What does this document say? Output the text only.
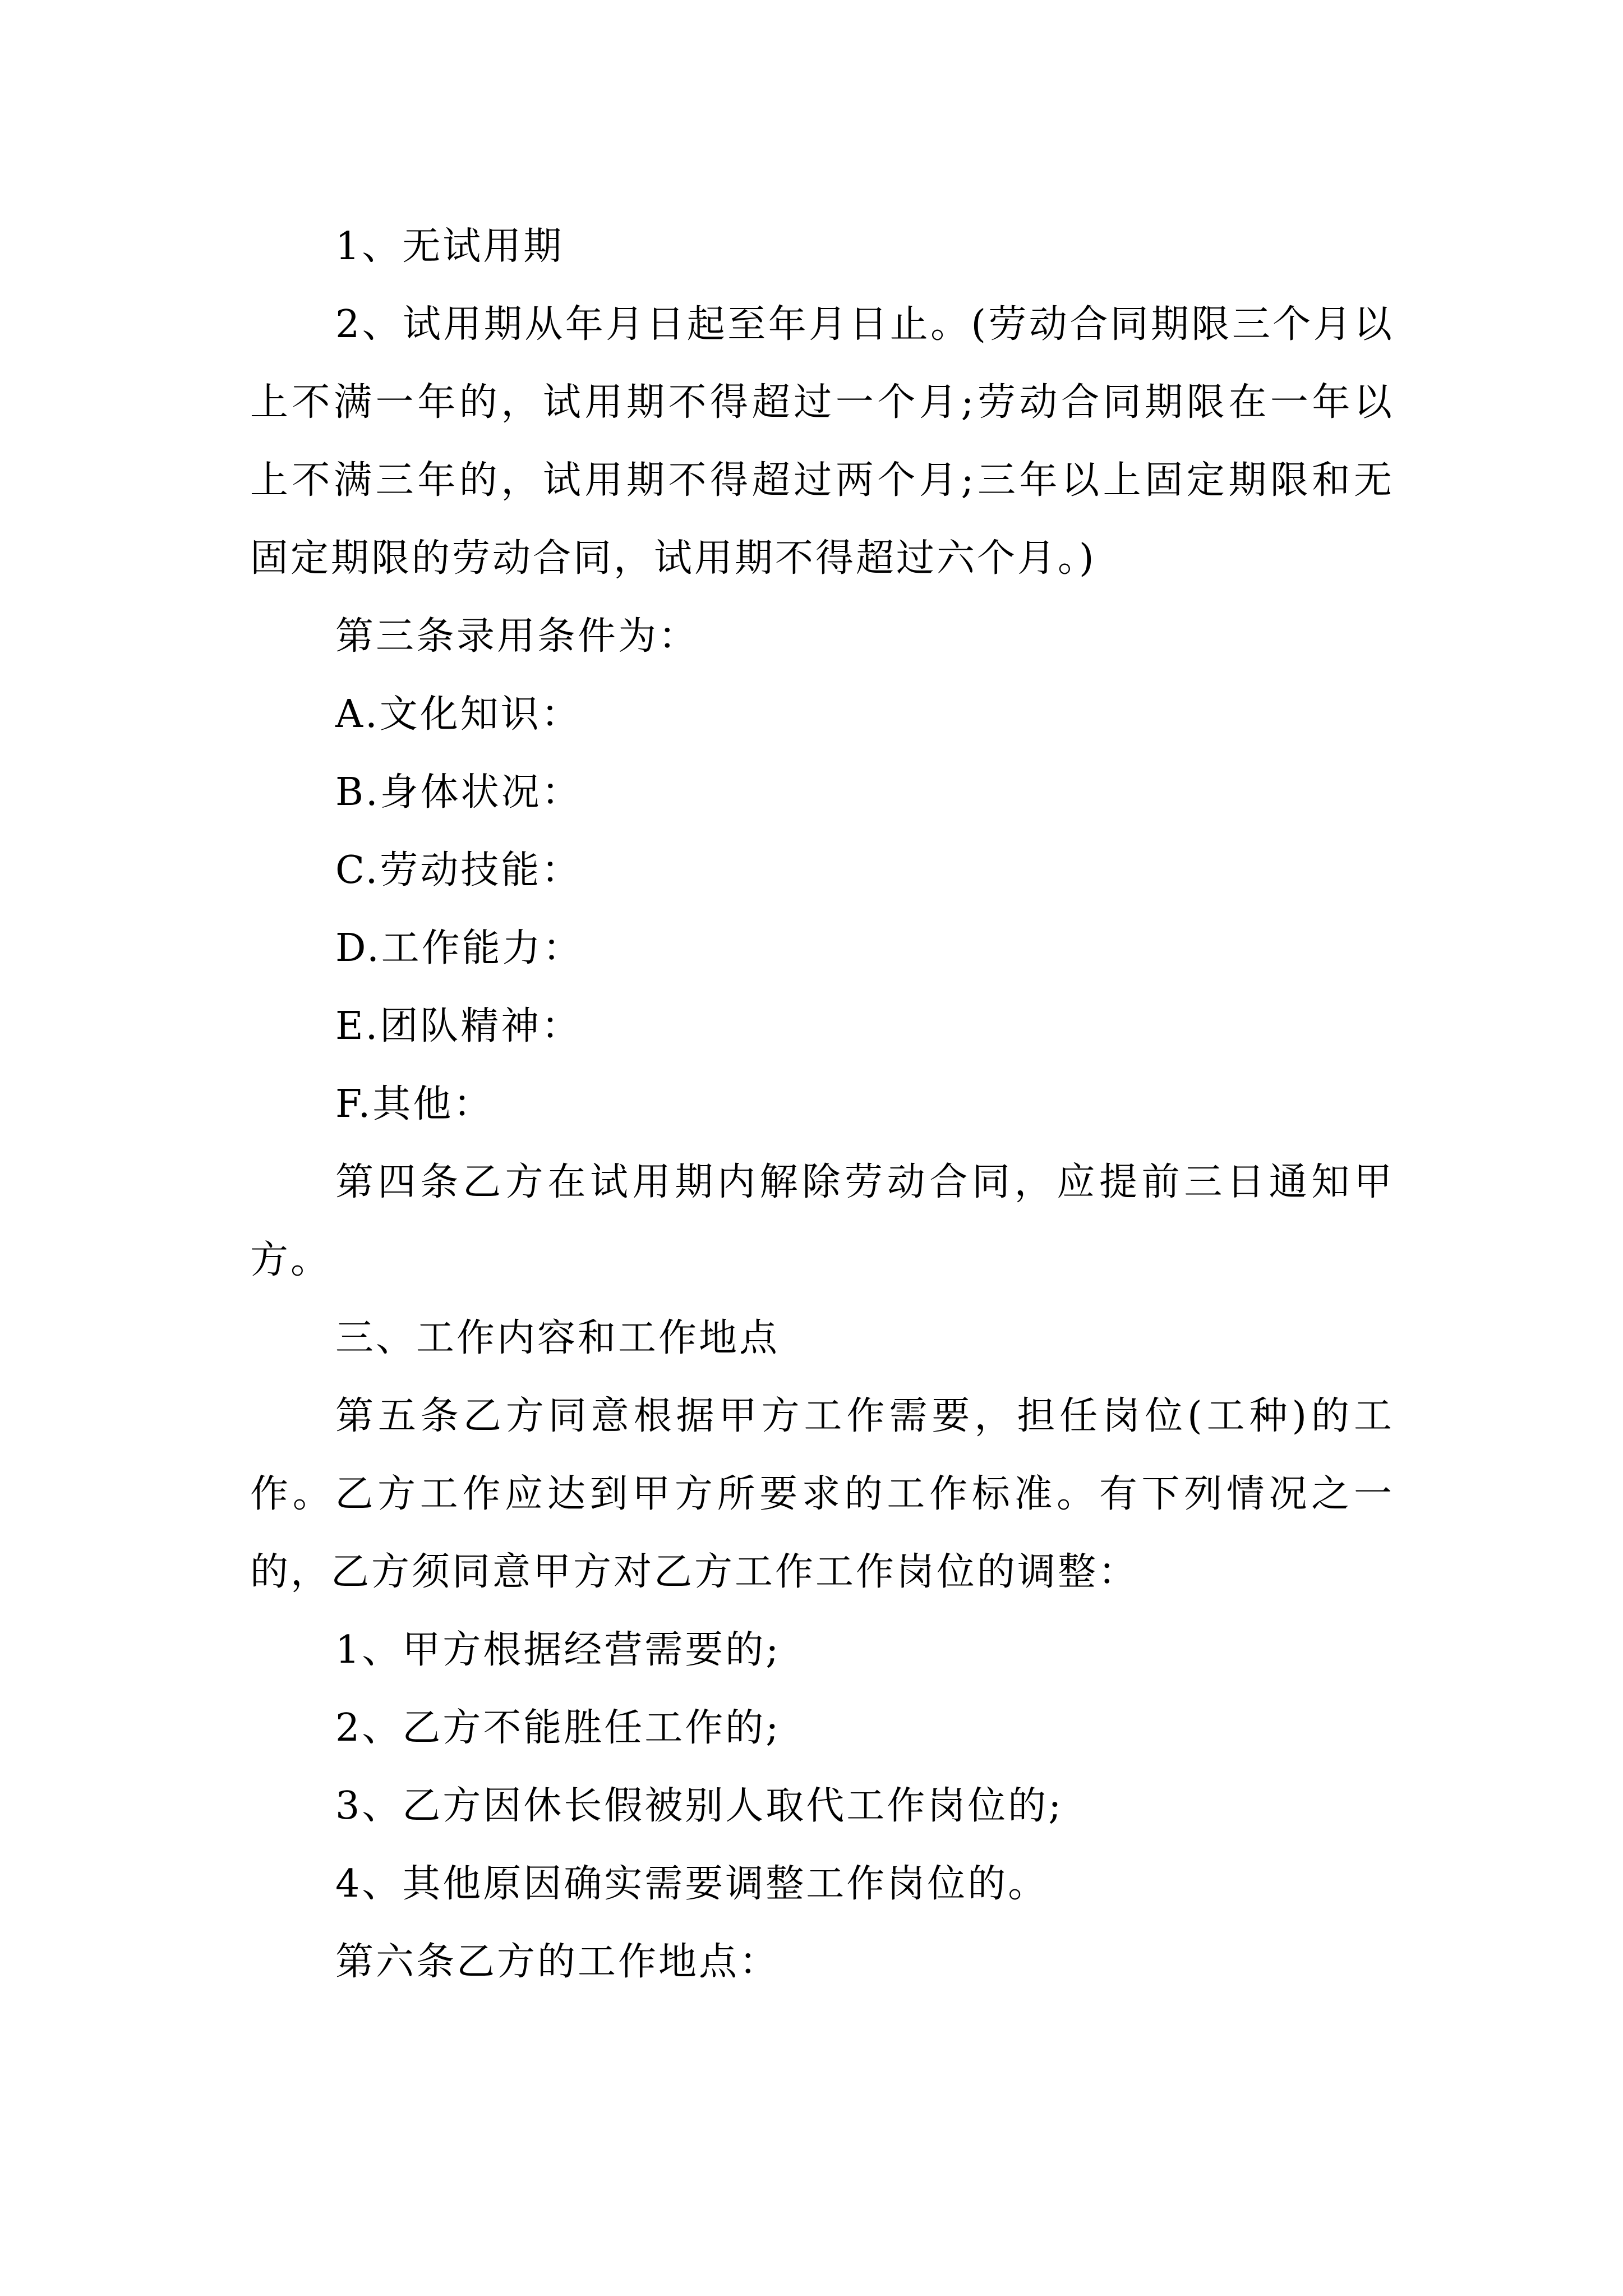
1、无试用期

2、试用期从年月日起至年月日止。(劳动合同期限三个月以上不满一年的，试用期不得超过一个月;劳动合同期限在一年以上不满三年的，试用期不得超过两个月;三年以上固定期限和无固定期限的劳动合同，试用期不得超过六个月。)

第三条录用条件为：

A.文化知识：

B.身体状况：

C.劳动技能：

D.工作能力：

E.团队精神：

F.其他：

第四条乙方在试用期内解除劳动合同，应提前三日通知甲方。

三、工作内容和工作地点

第五条乙方同意根据甲方工作需要，担任岗位(工种)的工作。乙方工作应达到甲方所要求的工作标准。有下列情况之一的，乙方须同意甲方对乙方工作工作岗位的调整：

1、甲方根据经营需要的;

2、乙方不能胜任工作的;

3、乙方因休长假被别人取代工作岗位的;

4、其他原因确实需要调整工作岗位的。

第六条乙方的工作地点：
